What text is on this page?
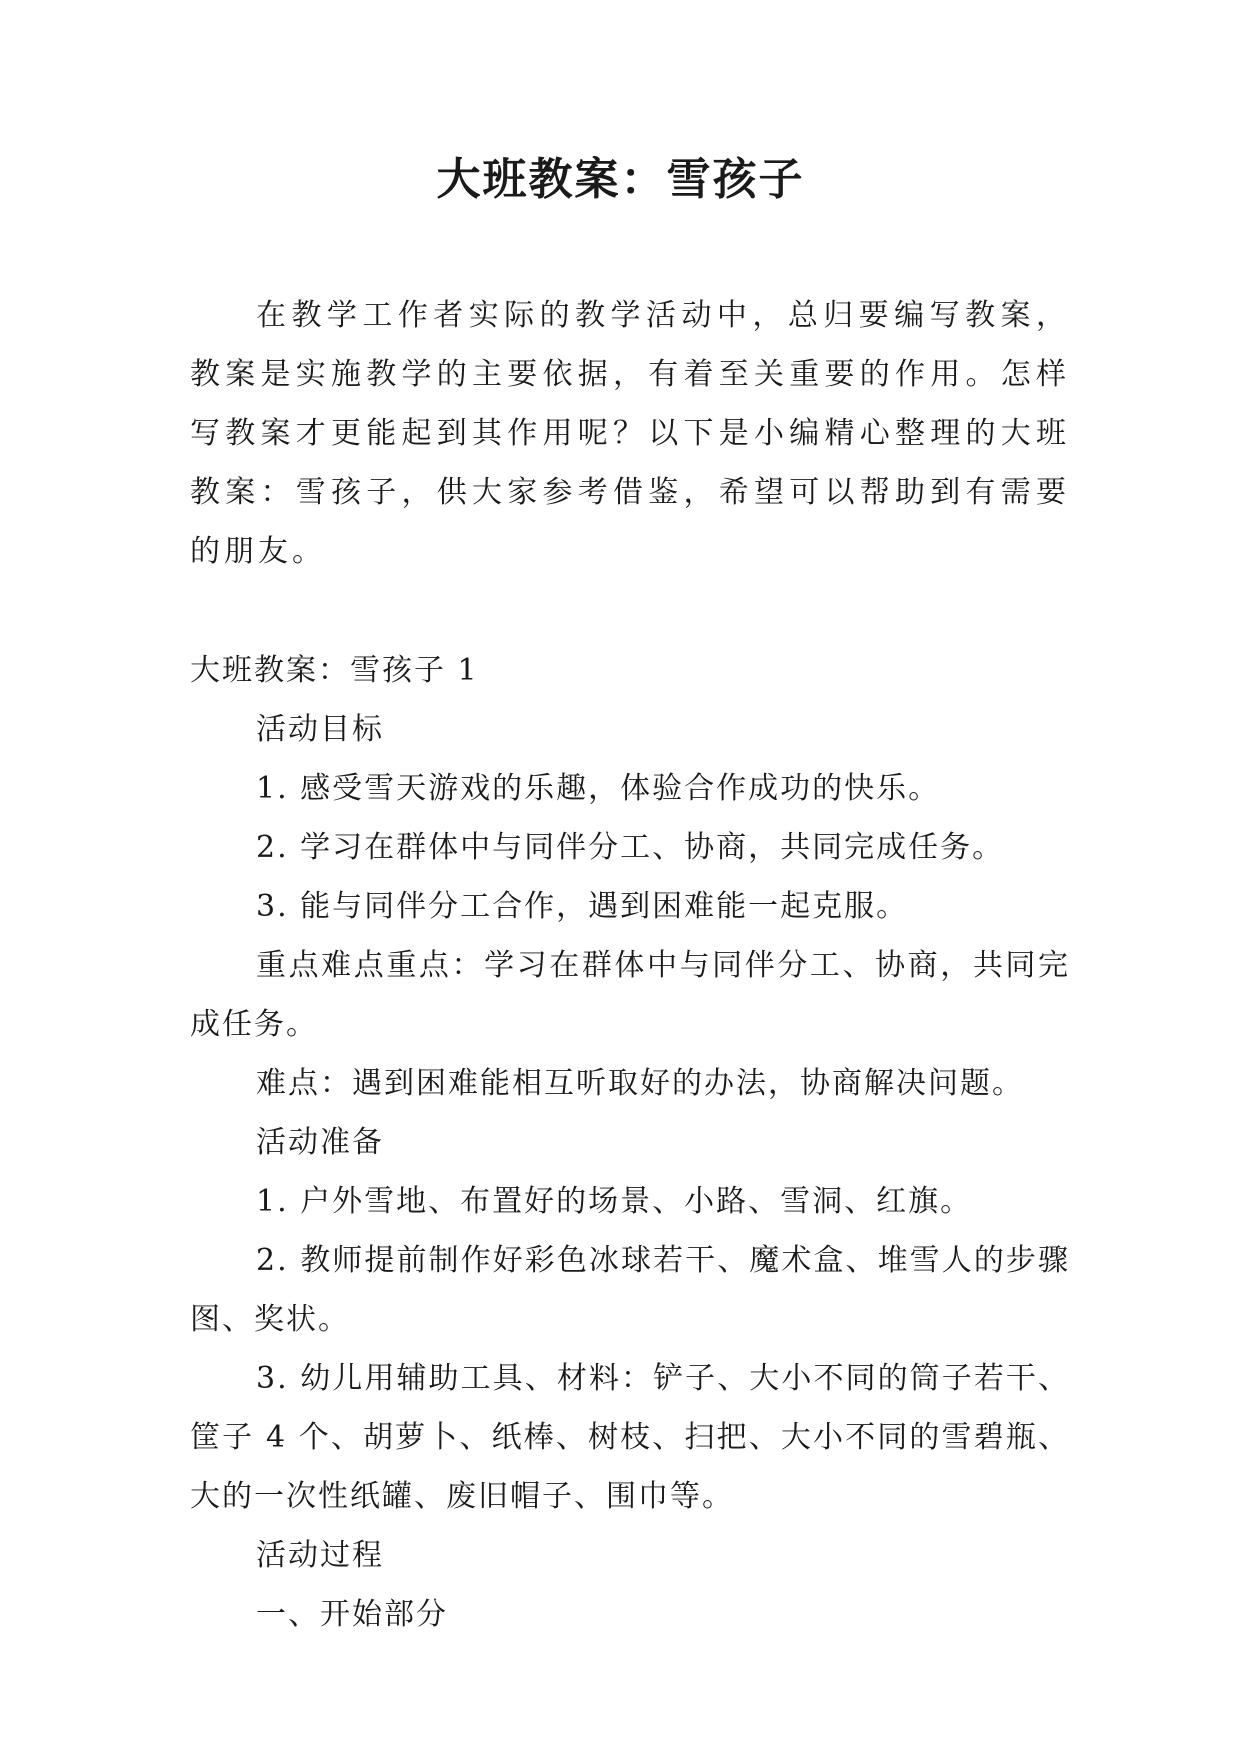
大班教案：雪孩子

在教学工作者实际的教学活动中，总归要编写教案，教案是实施教学的主要依据，有着至关重要的作用。怎样写教案才更能起到其作用呢？以下是小编精心整理的大班教案：雪孩子，供大家参考借鉴，希望可以帮助到有需要的朋友。

大班教案：雪孩子 1

活动目标

1. 感受雪天游戏的乐趣，体验合作成功的快乐。

2. 学习在群体中与同伴分工、协商，共同完成任务。

3. 能与同伴分工合作，遇到困难能一起克服。

重点难点重点：学习在群体中与同伴分工、协商，共同完成任务。

难点：遇到困难能相互听取好的办法，协商解决问题。

活动准备

1. 户外雪地、布置好的场景、小路、雪洞、红旗。

2. 教师提前制作好彩色冰球若干、魔术盒、堆雪人的步骤图、奖状。

3. 幼儿用辅助工具、材料：铲子、大小不同的筒子若干、筐子 4 个、胡萝卜、纸棒、树枝、扫把、大小不同的雪碧瓶、大的一次性纸罐、废旧帽子、围巾等。

活动过程

一、开始部分
